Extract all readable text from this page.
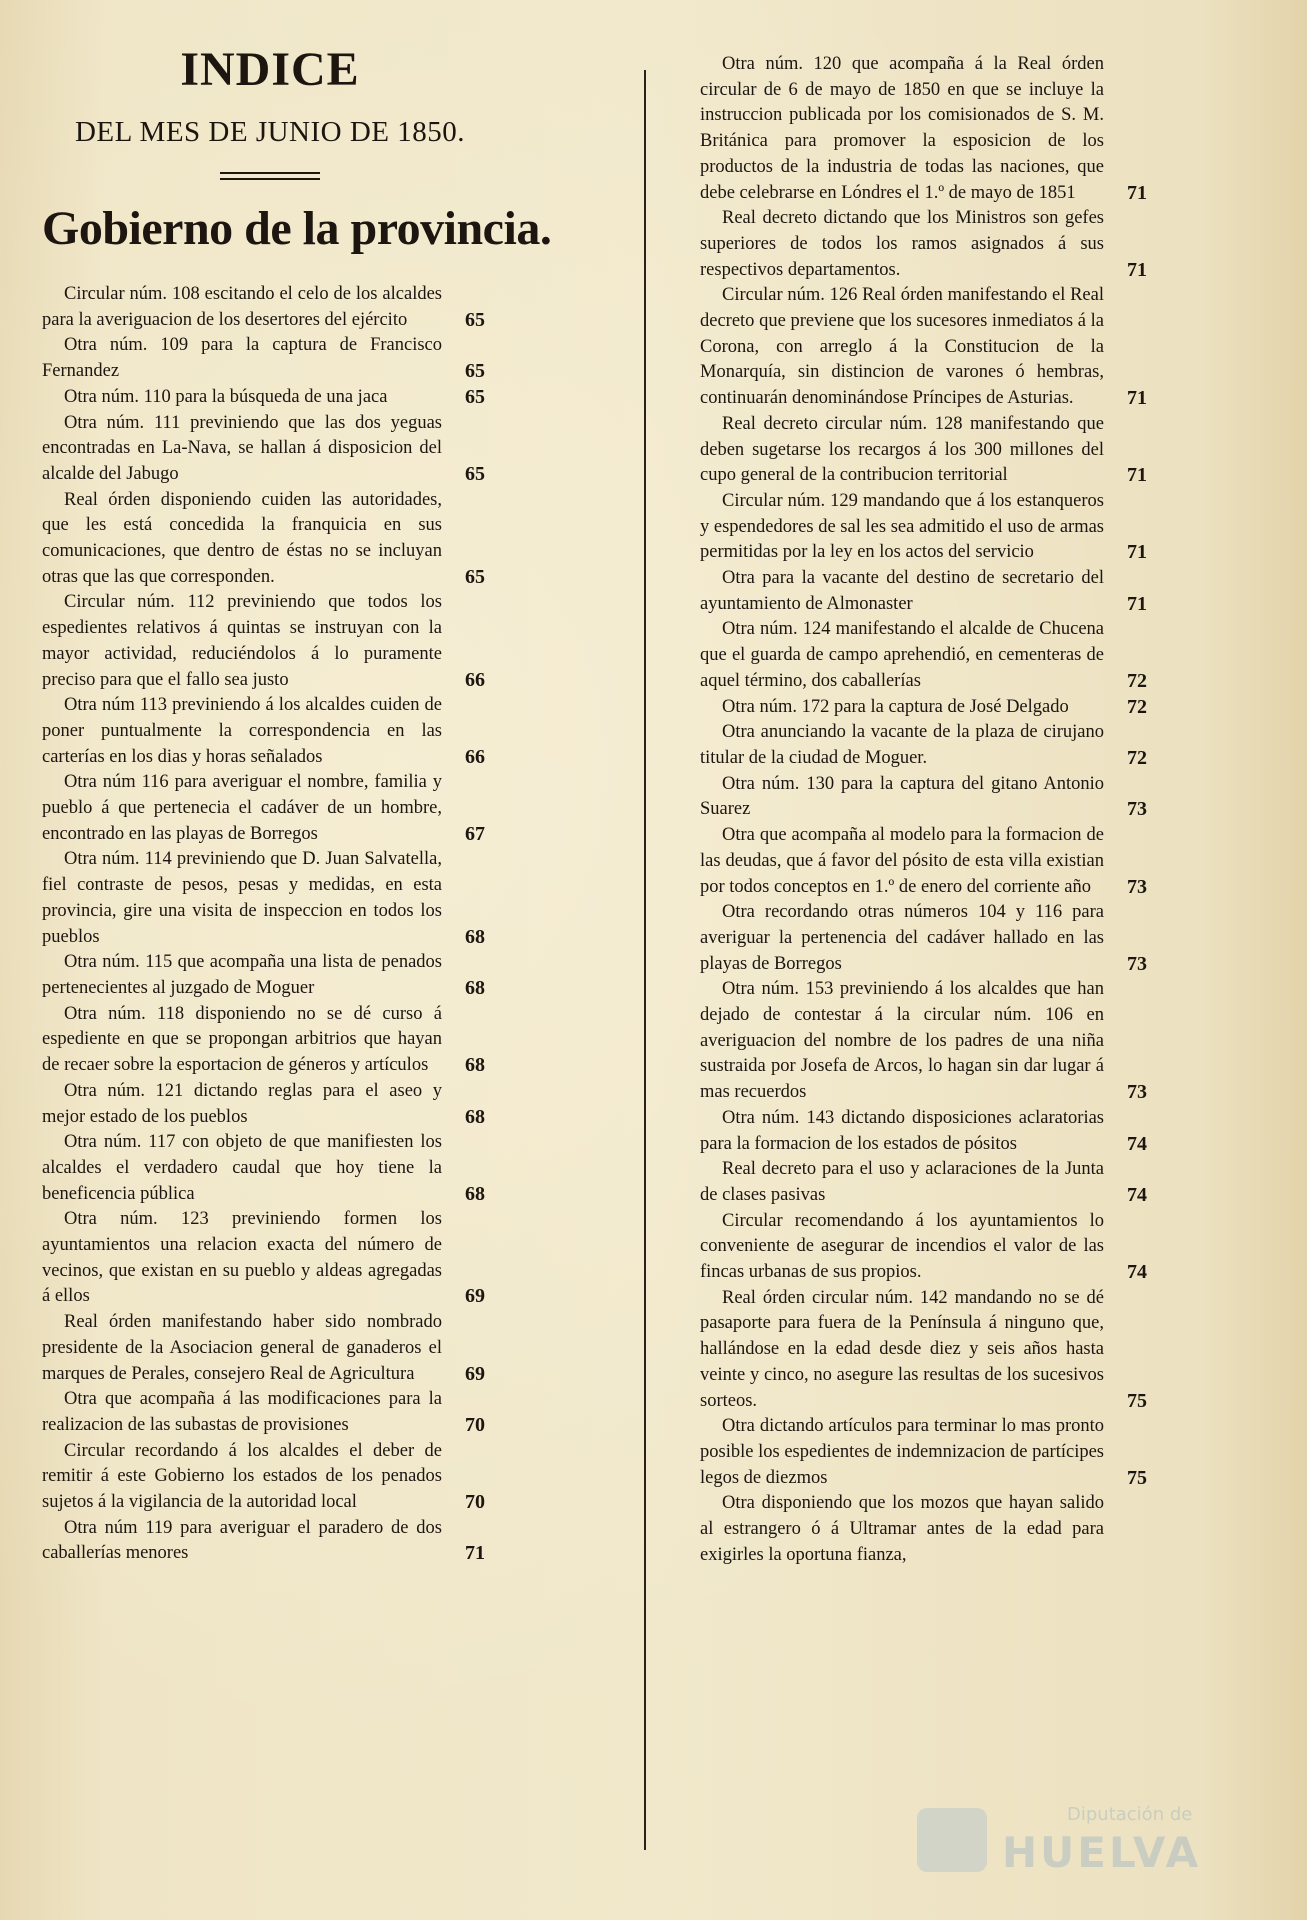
INDICE
DEL MES DE JUNIO DE 1850.
Gobierno de la provincia.
Circular núm. 108 escitando el celo de los alcaldes para la averiguacion de los desertores del ejército	65
Otra núm. 109 para la captura de Francisco Fernandez	65
Otra núm. 110 para la búsqueda de una jaca	65
Otra núm. 111 previniendo que las dos yeguas encontradas en La-Nava, se hallan á disposicion del alcalde del Jabugo	65
Real órden disponiendo cuiden las autoridades, que les está concedida la franquicia en sus comunicaciones, que dentro de éstas no se incluyan otras que las que corresponden.	65
Circular núm. 112 previniendo que todos los espedientes relativos á quintas se instruyan con la mayor actividad, reduciéndolos á lo puramente preciso para que el fallo sea justo	66
Otra núm 113 previniendo á los alcaldes cuiden de poner puntualmente la correspondencia en las carterías en los dias y horas señalados	66
Otra núm 116 para averiguar el nombre, familia y pueblo á que pertenecia el cadáver de un hombre, encontrado en las playas de Borregos	67
Otra núm. 114 previniendo que D. Juan Salvatella, fiel contraste de pesos, pesas y medidas, en esta provincia, gire una visita de inspeccion en todos los pueblos	68
Otra núm. 115 que acompaña una lista de penados pertenecientes al juzgado de Moguer	68
Otra núm. 118 disponiendo no se dé curso á espediente en que se propongan arbitrios que hayan de recaer sobre la esportacion de géneros y artículos	68
Otra núm. 121 dictando reglas para el aseo y mejor estado de los pueblos	68
Otra núm. 117 con objeto de que manifiesten los alcaldes el verdadero caudal que hoy tiene la beneficencia pública	68
Otra núm. 123 previniendo formen los ayuntamientos una relacion exacta del número de vecinos, que existan en su pueblo y aldeas agregadas á ellos	69
Real órden manifestando haber sido nombrado presidente de la Asociacion general de ganaderos el marques de Perales, consejero Real de Agricultura	69
Otra que acompaña á las modificaciones para la realizacion de las subastas de provisiones	70
Circular recordando á los alcaldes el deber de remitir á este Gobierno los estados de los penados sujetos á la vigilancia de la autoridad local	70
Otra núm 119 para averiguar el paradero de dos caballerías menores	71
Otra núm. 120 que acompaña á la Real órden circular de 6 de mayo de 1850 en que se incluye la instruccion publicada por los comisionados de S. M. Británica para promover la esposicion de los productos de la industria de todas las naciones, que debe celebrarse en Lóndres el 1.º de mayo de 1851	71
Real decreto dictando que los Ministros son gefes superiores de todos los ramos asignados á sus respectivos departamentos.	71
Circular núm. 126 Real órden manifestando el Real decreto que previene que los sucesores inmediatos á la Corona, con arreglo á la Constitucion de la Monarquía, sin distincion de varones ó hembras, continuarán denominándose Príncipes de Asturias.	71
Real decreto circular núm. 128 manifestando que deben sugetarse los recargos á los 300 millones del cupo general de la contribucion territorial	71
Circular núm. 129 mandando que á los estanqueros y espendedores de sal les sea admitido el uso de armas permitidas por la ley en los actos del servicio	71
Otra para la vacante del destino de secretario del ayuntamiento de Almonaster	71
Otra núm. 124 manifestando el alcalde de Chucena que el guarda de campo aprehendió, en cementeras de aquel término, dos caballerías	72
Otra núm. 172 para la captura de José Delgado	72
Otra anunciando la vacante de la plaza de cirujano titular de la ciudad de Moguer.	72
Otra núm. 130 para la captura del gitano Antonio Suarez	73
Otra que acompaña al modelo para la formacion de las deudas, que á favor del pósito de esta villa existian por todos conceptos en 1.º de enero del corriente año	73
Otra recordando otras números 104 y 116 para averiguar la pertenencia del cadáver hallado en las playas de Borregos	73
Otra núm. 153 previniendo á los alcaldes que han dejado de contestar á la circular núm. 106 en averiguacion del nombre de los padres de una niña sustraida por Josefa de Arcos, lo hagan sin dar lugar á mas recuerdos	73
Otra núm. 143 dictando disposiciones aclaratorias para la formacion de los estados de pósitos	74
Real decreto para el uso y aclaraciones de la Junta de clases pasivas	74
Circular recomendando á los ayuntamientos lo conveniente de asegurar de incendios el valor de las fincas urbanas de sus propios.	74
Real órden circular núm. 142 mandando no se dé pasaporte para fuera de la Península á ninguno que, hallándose en la edad desde diez y seis años hasta veinte y cinco, no asegure las resultas de los sucesivos sorteos.	75
Otra dictando artículos para terminar lo mas pronto posible los espedientes de indemnizacion de partícipes legos de diezmos	75
Otra disponiendo que los mozos que hayan salido al estrangero ó á Ultramar antes de la edad para exigirles la oportuna fianza,
Diputación de
HUELVA
